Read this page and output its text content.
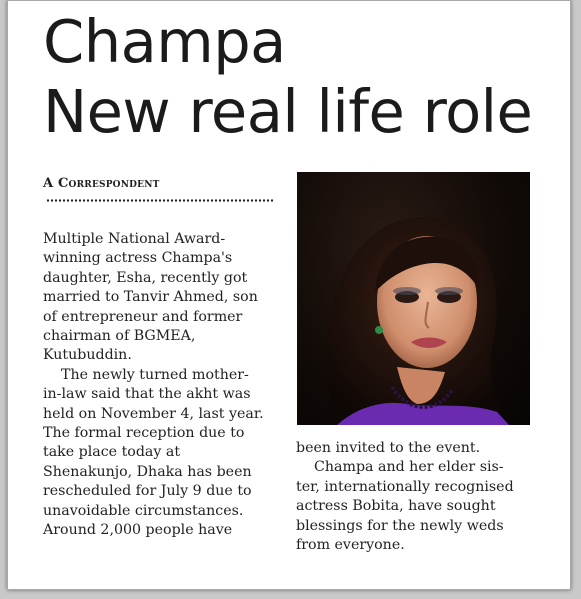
Champa
New real life role
A Correspondent
Multiple National Award-
winning actress Champa's
daughter, Esha, recently got
married to Tanvir Ahmed, son
of entrepreneur and former
chairman of BGMEA,
Kutubuddin.
The newly turned mother-
in-law said that the akht was
held on November 4, last year.
The formal reception due to
take place today at
Shenakunjo, Dhaka has been
rescheduled for July 9 due to
unavoidable circumstances.
Around 2,000 people have
been invited to the event.
Champa and her elder sis-
ter, internationally recognised
actress Bobita, have sought
blessings for the newly weds
from everyone.
